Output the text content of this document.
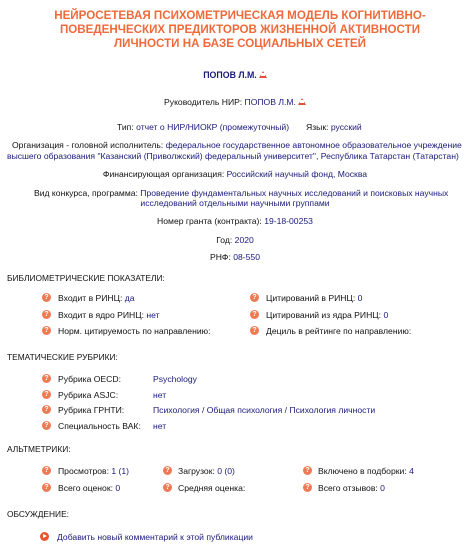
НЕЙРОСЕТЕВАЯ ПСИХОМЕТРИЧЕСКАЯ МОДЕЛЬ КОГНИТИВНО-ПОВЕДЕНЧЕСКИХ ПРЕДИКТОРОВ ЖИЗНЕННОЙ АКТИВНОСТИ ЛИЧНОСТИ НА БАЗЕ СОЦИАЛЬНЫХ СЕТЕЙ
ПОПОВ Л.М.
Руководитель НИР: ПОПОВ Л.М.
Тип: отчет о НИР/НИОКР (промежуточный) Язык: русский
Организация - головной исполнитель: федеральное государственное автономное образовательное учреждение
высшего образования "Казанский (Приволжский) федеральный университет", Республика Татарстан (Татарстан)
Финансирующая организация: Российский научный фонд, Москва
Вид конкурса, программа: Проведение фундаментальных научных исследований и поисковых научных
исследований отдельными научными группами
Номер гранта (контракта): 19-18-00253
Год: 2020
РНФ: 08-550
БИБЛИОМЕТРИЧЕСКИЕ ПОКАЗАТЕЛИ:
? Входит в РИНЦ: да	? Цитирований в РИНЦ: 0
? Входит в ядро РИНЦ: нет	? Цитирований из ядра РИНЦ: 0
? Норм. цитируемость по направлению:	? Дециль в рейтинге по направлению:
ТЕМАТИЧЕСКИЕ РУБРИКИ:
? Рубрика OECD:	Psychology
? Рубрика ASJC:	нет
? Рубрика ГРНТИ:	Психология / Общая психология / Психология личности
? Специальность ВАК: нет
АЛЬТМЕТРИКИ:
? Просмотров: 1 (1)	? Загрузок: 0 (0)	? Включено в подборки: 4
? Всего оценок: 0	? Средняя оценка:	? Всего отзывов: 0
ОБСУЖДЕНИЕ:
Добавить новый комментарий к этой публикации
